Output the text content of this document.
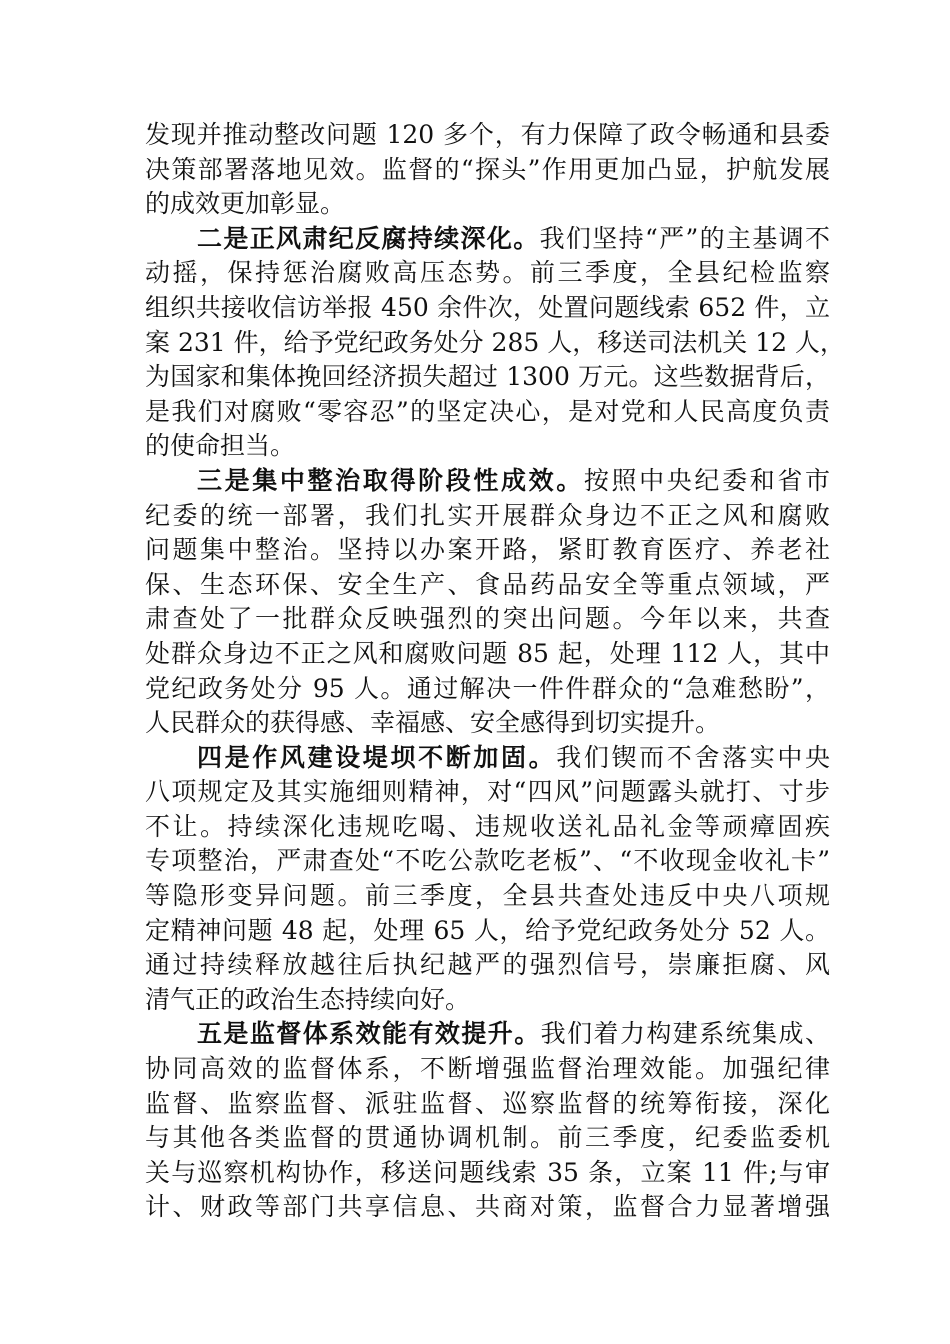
发现并推动整改问题 120 多个，有力保障了政令畅通和县委
决策部署落地见效。监督的“探头”作用更加凸显，护航发展
的成效更加彰显。
二是正风肃纪反腐持续深化。我们坚持“严”的主基调不
动摇，保持惩治腐败高压态势。前三季度，全县纪检监察
组织共接收信访举报 450 余件次，处置问题线索 652 件，立
案 231 件，给予党纪政务处分 285 人，移送司法机关 12 人，
为国家和集体挽回经济损失超过 1300 万元。这些数据背后，
是我们对腐败“零容忍”的坚定决心，是对党和人民高度负责
的使命担当。
三是集中整治取得阶段性成效。按照中央纪委和省市
纪委的统一部署，我们扎实开展群众身边不正之风和腐败
问题集中整治。坚持以办案开路，紧盯教育医疗、养老社
保、生态环保、安全生产、食品药品安全等重点领域，严
肃查处了一批群众反映强烈的突出问题。今年以来，共查
处群众身边不正之风和腐败问题 85 起，处理 112 人，其中
党纪政务处分 95 人。通过解决一件件群众的“急难愁盼”，
人民群众的获得感、幸福感、安全感得到切实提升。
四是作风建设堤坝不断加固。我们锲而不舍落实中央
八项规定及其实施细则精神，对“四风”问题露头就打、寸步
不让。持续深化违规吃喝、违规收送礼品礼金等顽瘴固疾
专项整治，严肃查处“不吃公款吃老板”、“不收现金收礼卡”
等隐形变异问题。前三季度，全县共查处违反中央八项规
定精神问题 48 起，处理 65 人，给予党纪政务处分 52 人。
通过持续释放越往后执纪越严的强烈信号，崇廉拒腐、风
清气正的政治生态持续向好。
五是监督体系效能有效提升。我们着力构建系统集成、
协同高效的监督体系，不断增强监督治理效能。加强纪律
监督、监察监督、派驻监督、巡察监督的统筹衔接，深化
与其他各类监督的贯通协调机制。前三季度，纪委监委机
关与巡察机构协作，移送问题线索 35 条，立案 11 件;与审
计、财政等部门共享信息、共商对策，监督合力显著增强
